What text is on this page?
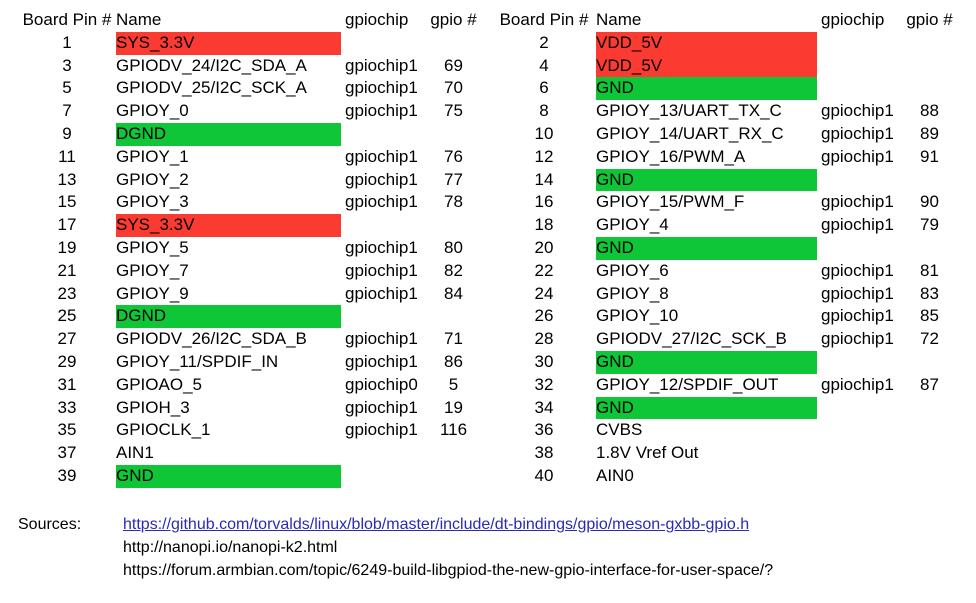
Board Pin # Name	gpiochip	gpio #
1	SYS_3.3V
3	GPIODV_24/I2C_SDA_A	gpiochip1	69
5	GPIODV_25/I2C_SCK_A	gpiochip1	70
7	GPIOY_0	gpiochip1	75
9	DGND
11	GPIOY_1	gpiochip1	76
13	GPIOY_2	gpiochip1	77
15	GPIOY_3	gpiochip1	78
17	SYS_3.3V
19	GPIOY_5	gpiochip1	80
21	GPIOY_7	gpiochip1	82
23	GPIOY_9	gpiochip1	84
25	DGND
27	GPIODV_26/I2C_SDA_B	gpiochip1	71
29	GPIOY_11/SPDIF_IN	gpiochip1	86
31	GPIOAO_5	gpiochip0	5
33	GPIOH_3	gpiochip1	19
35	GPIOCLK_1	gpiochip1	116
37	AIN1
39	GND
Board Pin # Name	gpiochip	gpio #
2	VDD_5V
4	VDD_5V
6	GND
8	GPIOY_13/UART_TX_C	gpiochip1	88
10	GPIOY_14/UART_RX_C	gpiochip1	89
12	GPIOY_16/PWM_A	gpiochip1	91
14	GND
16	GPIOY_15/PWM_F	gpiochip1	90
18	GPIOY_4	gpiochip1	79
20	GND
22	GPIOY_6	gpiochip1	81
24	GPIOY_8	gpiochip1	83
26	GPIOY_10	gpiochip1	85
28	GPIODV_27/I2C_SCK_B	gpiochip1	72
30	GND
32	GPIOY_12/SPDIF_OUT	gpiochip1	87
34	GND
36	CVBS
38	1.8V Vref Out
40	AIN0
Sources:	https://github.com/torvalds/linux/blob/master/include/dt-bindings/gpio/meson-gxbb-gpio.h
http://nanopi.io/nanopi-k2.html
https://forum.armbian.com/topic/6249-build-libgpiod-the-new-gpio-interface-for-user-space/?
